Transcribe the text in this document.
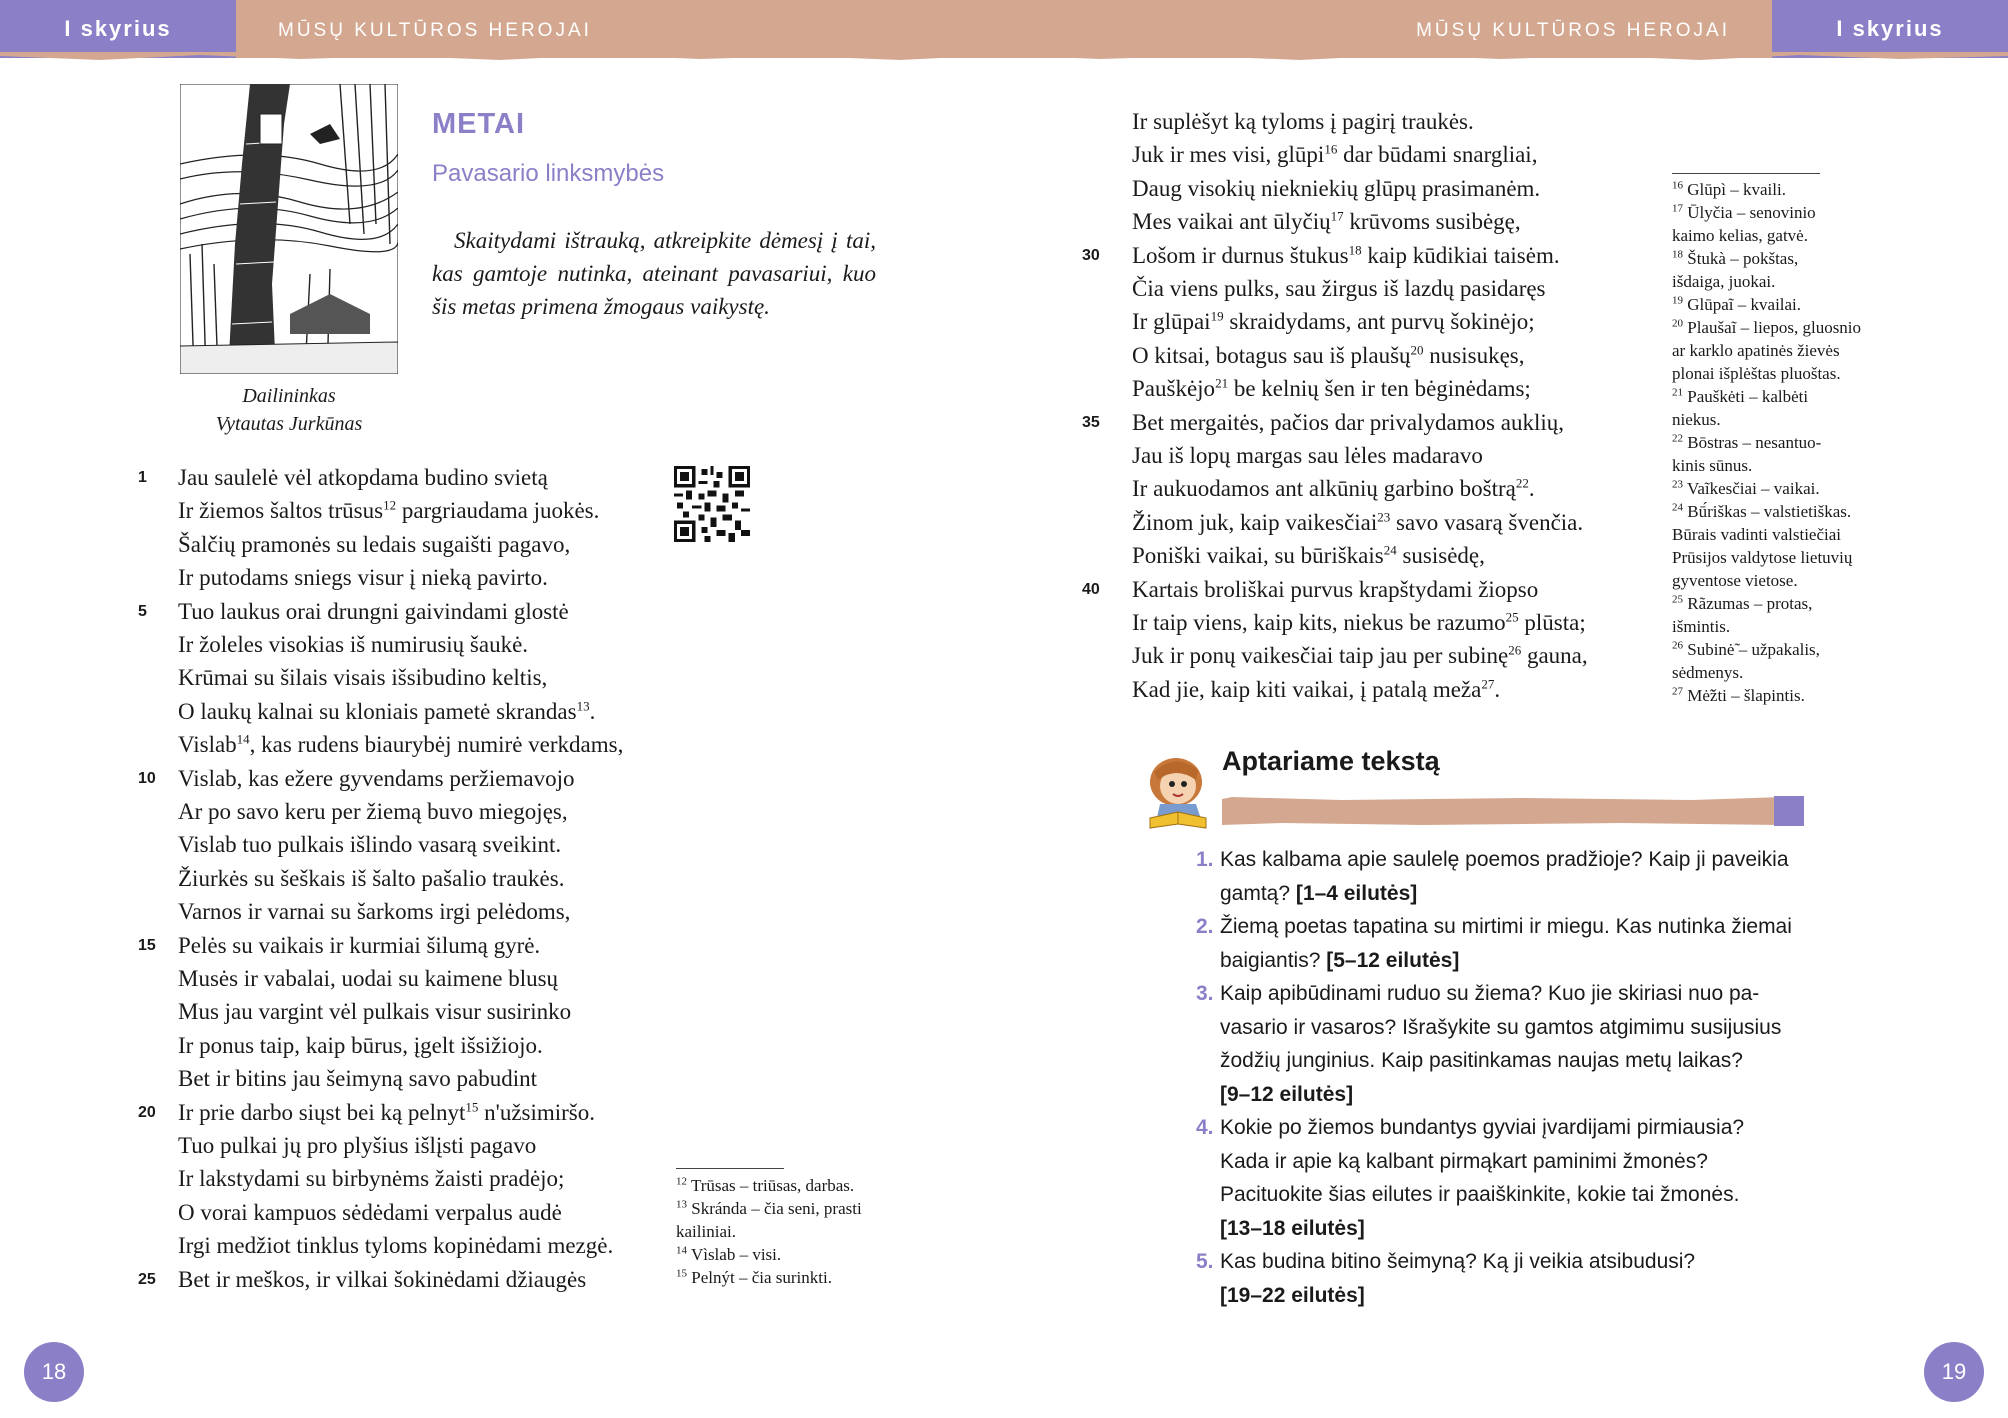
I skyrius	MŪSŲ KULTŪROS HEROJAI	MŪSŲ KULTŪROS HEROJAI	I skyrius
Dailininkas
Vytautas Jurkūnas
METAI
Pavasario linksmybės
Skaitydami ištrauką, atkreipkite dėmesį į tai, kas gamtoje nutinka, ateinant pavasariui, kuo šis metas primena žmogaus vaikystę.
1	Jau saulelė vėl atkopdama budino svietą
Ir žiemos šaltos trūsus$^{12}$ pargriaudama juokės.
Šalčių pramonės su ledais sugaišti pagavo,
Ir putodams sniegs visur į nieką pavirto.
5	Tuo laukus orai drungni gaivindami glostė
Ir žoleles visokias iš numirusių šaukė.
Krūmai su šilais visais išsibudino keltis,
O laukų kalnai su kloniais pametė skrandas$^{13}$.
Vislab$^{14}$, kas rudens biaurybėj numirė verkdams,
10 Vislab, kas ežere gyvendams peržiemavojo
Ar po savo keru per žiemą buvo miegojęs,
Vislab tuo pulkais išlindo vasarą sveikint.
Žiurkės su šeškais iš šalto pašalio traukės.
Varnos ir varnai su šarkoms irgi pelėdoms,
15 Pelės su vaikais ir kurmiai šilumą gyrė.
Musės ir vabalai, uodai su kaimene blusų
Mus jau vargint vėl pulkais visur susirinko
Ir ponus taip, kaip būrus, įgelt išsižiojo.
Bet ir bitins jau šeimyną savo pabudint
20 Ir prie darbo siųst bei ką pelnyt$^{15}$ n'užsimiršo.
Tuo pulkai jų pro plyšius išlįsti pagavo
Ir lakstydami su birbynėms žaisti pradėjo;
O vorai kampuos sėdėdami verpalus audė
Irgi medžiot tinklus tyloms kopinėdami mezgė.
25 Bet ir meškos, ir vilkai šokinėdami džiaugės
Ir suplėšyt ką tyloms į pagirį traukės.
Juk ir mes visi, glūpi$^{16}$ dar būdami snargliai,
Daug visokių niekniekių glūpų prasimanėm.
Mes vaikai ant ūlyčių$^{17}$ krūvoms susibėgę,
30	Lošom ir durnus štukus$^{18}$ kaip kūdikiai taisėm.
Čia viens pulks, sau žirgus iš lazdų pasidaręs
Ir glūpai$^{19}$ skraidydams, ant purvų šokinėjo;
O kitsai, botagus sau iš plaušų$^{20}$ nusisukęs,
Pauškėjo$^{21}$ be kelnių šen ir ten bėginėdams;
35	Bet mergaitės, pačios dar privalydamos auklių,
Jau iš lopų margas sau lėles madaravo
Ir aukuodamos ant alkūnių garbino boštrą$^{22}$.
Žinom juk, kaip vaikesčiai$^{23}$ savo vasarą švenčia.
Poniški vaikai, su būriškais$^{24}$ susisėdę,
40	Kartais broliškai purvus krapštydami žiopso
Ir taip viens, kaip kits, niekus be razumo$^{25}$ plūsta;
Juk ir ponų vaikesčiai taip jau per subinę$^{26}$ gauna,
Kad jie, kaip kiti vaikai, į patalą meža$^{27}$.
$^{12}$ Trūsas – triūsas, darbas.
$^{13}$ Skránda – čia seni, prasti
kailiniai.
$^{14}$ Vìslab – visi.
$^{15}$ Pelnýt – čia surinkti.
$^{16}$ Glūpì – kvaili.
$^{17}$ Ūlyčia – senovinio
kaimo kelias, gatvė.
$^{18}$ Štukà – pokštas,
išdaiga, juokai.
$^{19}$ Glūpaĩ – kvailai.
$^{20}$ Plaušaĩ – liepos, gluosnio
ar karklo apatinės žievės
plonai išplėštas pluoštas.
$^{21}$ Pauškėti – kalbėti
niekus.
$^{22}$ Bōstras – nesantuo-
kinis sūnus.
$^{23}$ Vaĩkesčiai – vaikai.
$^{24}$ Bū́riškas – valstietiškas.
Būrais vadinti valstiečiai
Prūsijos valdytose lietuvių
gyventose vietose.
$^{25}$ Rãzumas – protas,
išmintis.
$^{26}$ Subinė̃ – užpakalis,
sėdmenys.
$^{27}$ Mė̃žti – šlapintis.
Aptariame tekstą
1. Kas kalbama apie saulelę poemos pradžioje? Kaip ji paveikia
gamtą? [1–4 eilutės]
2. Žiemą poetas tapatina su mirtimi ir miegu. Kas nutinka žiemai
baigiantis? [5–12 eilutės]
3. Kaip apibūdinami ruduo su žiema? Kuo jie skiriasi nuo pa-
vasario ir vasaros? Išrašykite su gamtos atgimimu susijusius
žodžių junginius. Kaip pasitinkamas naujas metų laikas?
[9–12 eilutės]
4. Kokie po žiemos bundantys gyviai įvardijami pirmiausia?
Kada ir apie ką kalbant pirmąkart paminimi žmonės?
Pacituokite šias eilutes ir paaiškinkite, kokie tai žmonės.
[13–18 eilutės]
5. Kas budina bitino šeimyną? Ką ji veikia atsibudusi?
[19–22 eilutės]
18	19
